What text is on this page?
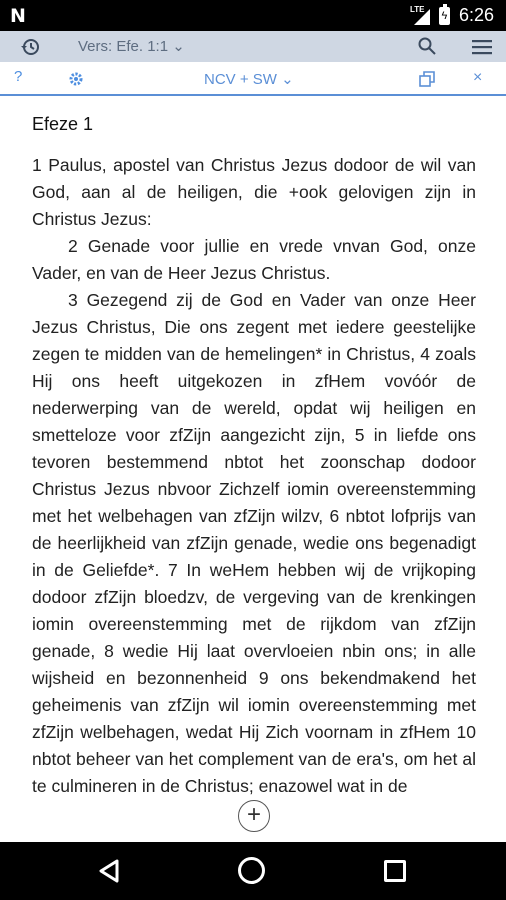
N	LTE
ϟ 6:26
Vers: Efe. 1:1 ⌄
?	NCV + SW ⌄	×
Efeze 1

1 Paulus, apostel van Christus Jezus dodoor de wil van God, aan al de heiligen, die +ook gelovigen zijn in Christus Jezus:

2 Genade voor jullie en vrede vnvan God, onze Vader, en van de Heer Jezus Christus.

3 Gezegend zij de God en Vader van onze Heer Jezus Christus, Die ons zegent met iedere geestelijke zegen te midden van de hemelingen* in Christus, 4 zoals Hij ons heeft uitgekozen in zfHem vovóór de nederwerping van de wereld, opdat wij heiligen en smetteloze voor zfZijn aangezicht zijn, 5 in liefde ons tevoren bestemmend nbtot het zoonschap dodoor Christus Jezus nbvoor Zichzelf iomin overeenstemming met het welbehagen van zfZijn wilzv, 6 nbtot lofprijs van de heerlijkheid van zfZijn genade, wedie ons begenadigt in de Geliefde*. 7 In weHem hebben wij de vrijkoping dodoor zfZijn bloedzv, de vergeving van de krenkingen iomin overeenstemming met de rijkdom van zfZijn genade, 8 wedie Hij laat overvloeien nbin ons; in alle wijsheid en bezonnenheid 9 ons bekendmakend het geheimenis van zfZijn wil iomin overeenstemming met zfZijn welbehagen, wedat Hij Zich voornam in zfHem 10 nbtot beheer van het complement van de era's, om het al te culmineren in de Christus; enazowel wat in de

+
